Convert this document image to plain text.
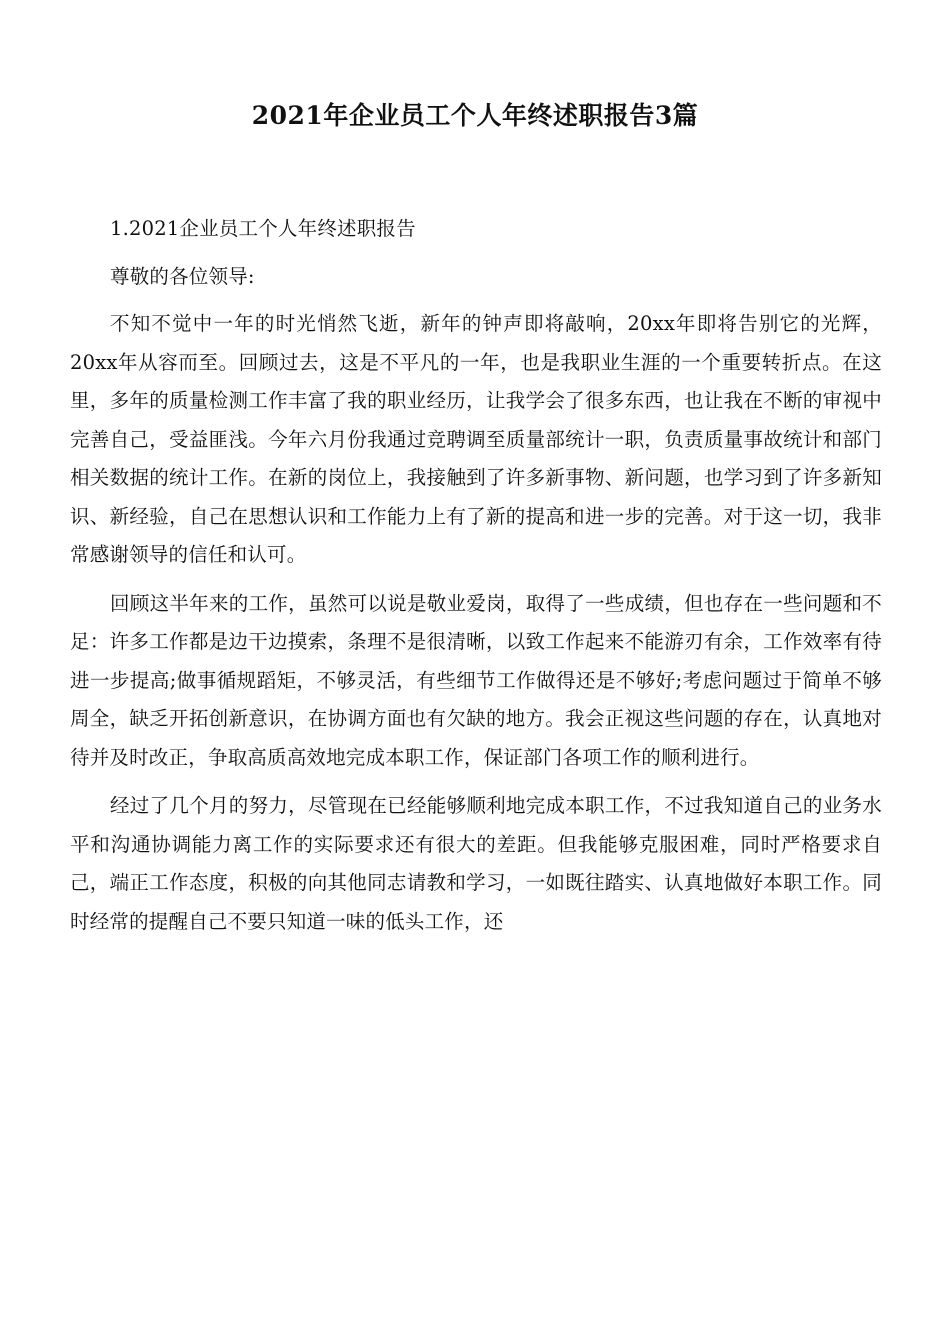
2021年企业员工个人年终述职报告3篇

1.2021企业员工个人年终述职报告

尊敬的各位领导:

不知不觉中一年的时光悄然飞逝，新年的钟声即将敲响，20xx年即将告别它的光辉，20xx年从容而至。回顾过去，这是不平凡的一年，也是我职业生涯的一个重要转折点。在这里，多年的质量检测工作丰富了我的职业经历，让我学会了很多东西，也让我在不断的审视中完善自己，受益匪浅。今年六月份我通过竞聘调至质量部统计一职，负责质量事故统计和部门相关数据的统计工作。在新的岗位上，我接触到了许多新事物、新问题，也学习到了许多新知识、新经验，自己在思想认识和工作能力上有了新的提高和进一步的完善。对于这一切，我非常感谢领导的信任和认可。

回顾这半年来的工作，虽然可以说是敬业爱岗，取得了一些成绩，但也存在一些问题和不足：许多工作都是边干边摸索，条理不是很清晰，以致工作起来不能游刃有余，工作效率有待进一步提高;做事循规蹈矩，不够灵活，有些细节工作做得还是不够好;考虑问题过于简单不够周全，缺乏开拓创新意识，在协调方面也有欠缺的地方。我会正视这些问题的存在，认真地对待并及时改正，争取高质高效地完成本职工作，保证部门各项工作的顺利进行。

经过了几个月的努力，尽管现在已经能够顺利地完成本职工作，不过我知道自己的业务水平和沟通协调能力离工作的实际要求还有很大的差距。但我能够克服困难，同时严格要求自己，端正工作态度，积极的向其他同志请教和学习，一如既往踏实、认真地做好本职工作。同时经常的提醒自己不要只知道一味的低头工作，还
